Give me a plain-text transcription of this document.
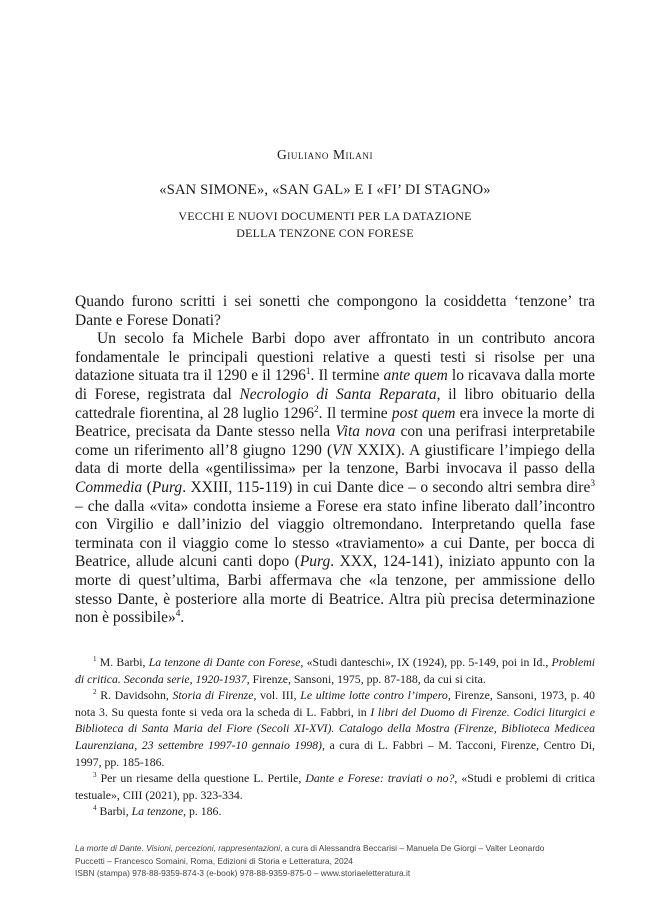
Giuliano Milani
«SAN SIMONE», «SAN GAL» E I «FI’ DI STAGNO»
VECCHI E NUOVI DOCUMENTI PER LA DATAZIONE
DELLA TENZONE CON FORESE

Quando furono scritti i sei sonetti che compongono la cosiddetta ‘tenzone’ tra Dante e Forese Donati?

Un secolo fa Michele Barbi dopo aver affrontato in un contributo ancora fondamentale le principali questioni relative a questi testi si risolse per una datazione situata tra il 1290 e il 1296$^1$. Il termine ante quem lo ricavava dalla morte di Forese, registrata dal Necrologio di Santa Reparata, il libro obituario della cattedrale fiorentina, al 28 luglio 1296$^2$. Il termine post quem era invece la morte di Beatrice, precisata da Dante stesso nella Vita nova con una perifrasi interpretabile come un riferimento all’8 giugno 1290 (VN XXIX). A giustificare l’impiego della data di morte della «gentilissima» per la tenzone, Barbi invocava il passo della Commedia (Purg. XXIII, 115-119) in cui Dante dice – o secondo altri sembra dire$^3$ – che dalla «vita» condotta insieme a Forese era stato infine liberato dall’incontro con Virgilio e dall’inizio del viaggio oltremondano. Interpretando quella fase terminata con il viaggio come lo stesso «traviamento» a cui Dante, per bocca di Beatrice, allude alcuni canti dopo (Purg. XXX, 124-141), iniziato appunto con la morte di quest’ultima, Barbi affermava che «la tenzone, per ammissione dello stesso Dante, è posteriore alla morte di Beatrice. Altra più precisa determinazione non è possibile»$^4$.

$^1$ M. Barbi, La tenzone di Dante con Forese, «Studi danteschi», IX (1924), pp. 5-149, poi in Id., Problemi di critica. Seconda serie, 1920-1937, Firenze, Sansoni, 1975, pp. 87-188, da cui si cita.

$^2$ R. Davidsohn, Storia di Firenze, vol. III, Le ultime lotte contro l’impero, Firenze, Sansoni, 1973, p. 40 nota 3. Su questa fonte si veda ora la scheda di L. Fabbri, in I libri del Duomo di Firenze. Codici liturgici e Biblioteca di Santa Maria del Fiore (Secoli XI-XVI). Catalogo della Mostra (Firenze, Biblioteca Medicea Laurenziana, 23 settembre 1997-10 gennaio 1998), a cura di L. Fabbri – M. Tacconi, Firenze, Centro Di, 1997, pp. 185-186.

$^3$ Per un riesame della questione L. Pertile, Dante e Forese: traviati o no?, «Studi e problemi di critica testuale», CIII (2021), pp. 323-334.

$^4$ Barbi, La tenzone, p. 186.

La morte di Dante. Visioni, percezioni, rappresentazioni, a cura di Alessandra Beccarisi – Manuela De Giorgi – Valter Leonardo
Puccetti – Francesco Somaini, Roma, Edizioni di Storia e Letteratura, 2024
ISBN (stampa) 978-88-9359-874-3 (e-book) 978-88-9359-875-0 – www.storiaeletteratura.it
